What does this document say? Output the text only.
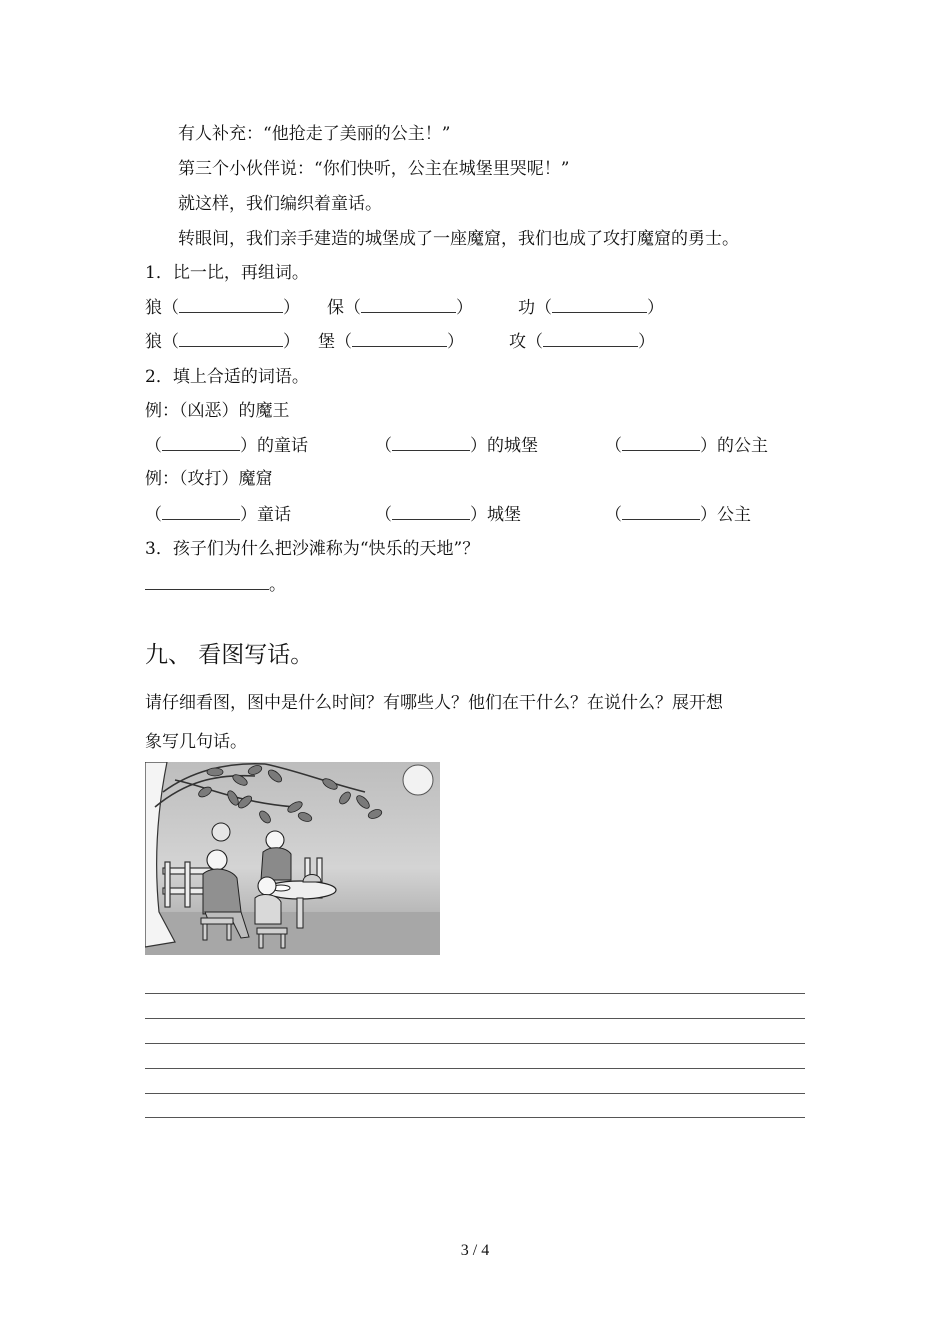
有人补充：“他抢走了美丽的公主！”
第三个小伙伴说：“你们快听，公主在城堡里哭呢！”
就这样，我们编织着童话。
转眼间，我们亲手建造的城堡成了一座魔窟，我们也成了攻打魔窟的勇士。
1．比一比，再组词。
狼（	） 保（	）	功（	）
狼（	） 堡（	）	攻（	）
2．填上合适的词语。
例：（凶恶）的魔王
（	）的童话	（	）的城堡	（	）的公主
例：（攻打）魔窟
（	）童话	（	）城堡	（	）公主
3．孩子们为什么把沙滩称为“快乐的天地”？
。
九、 看图写话。
请仔细看图，图中是什么时间？有哪些人？他们在干什么？在说什么？展开想
象写几句话。
3 / 4
